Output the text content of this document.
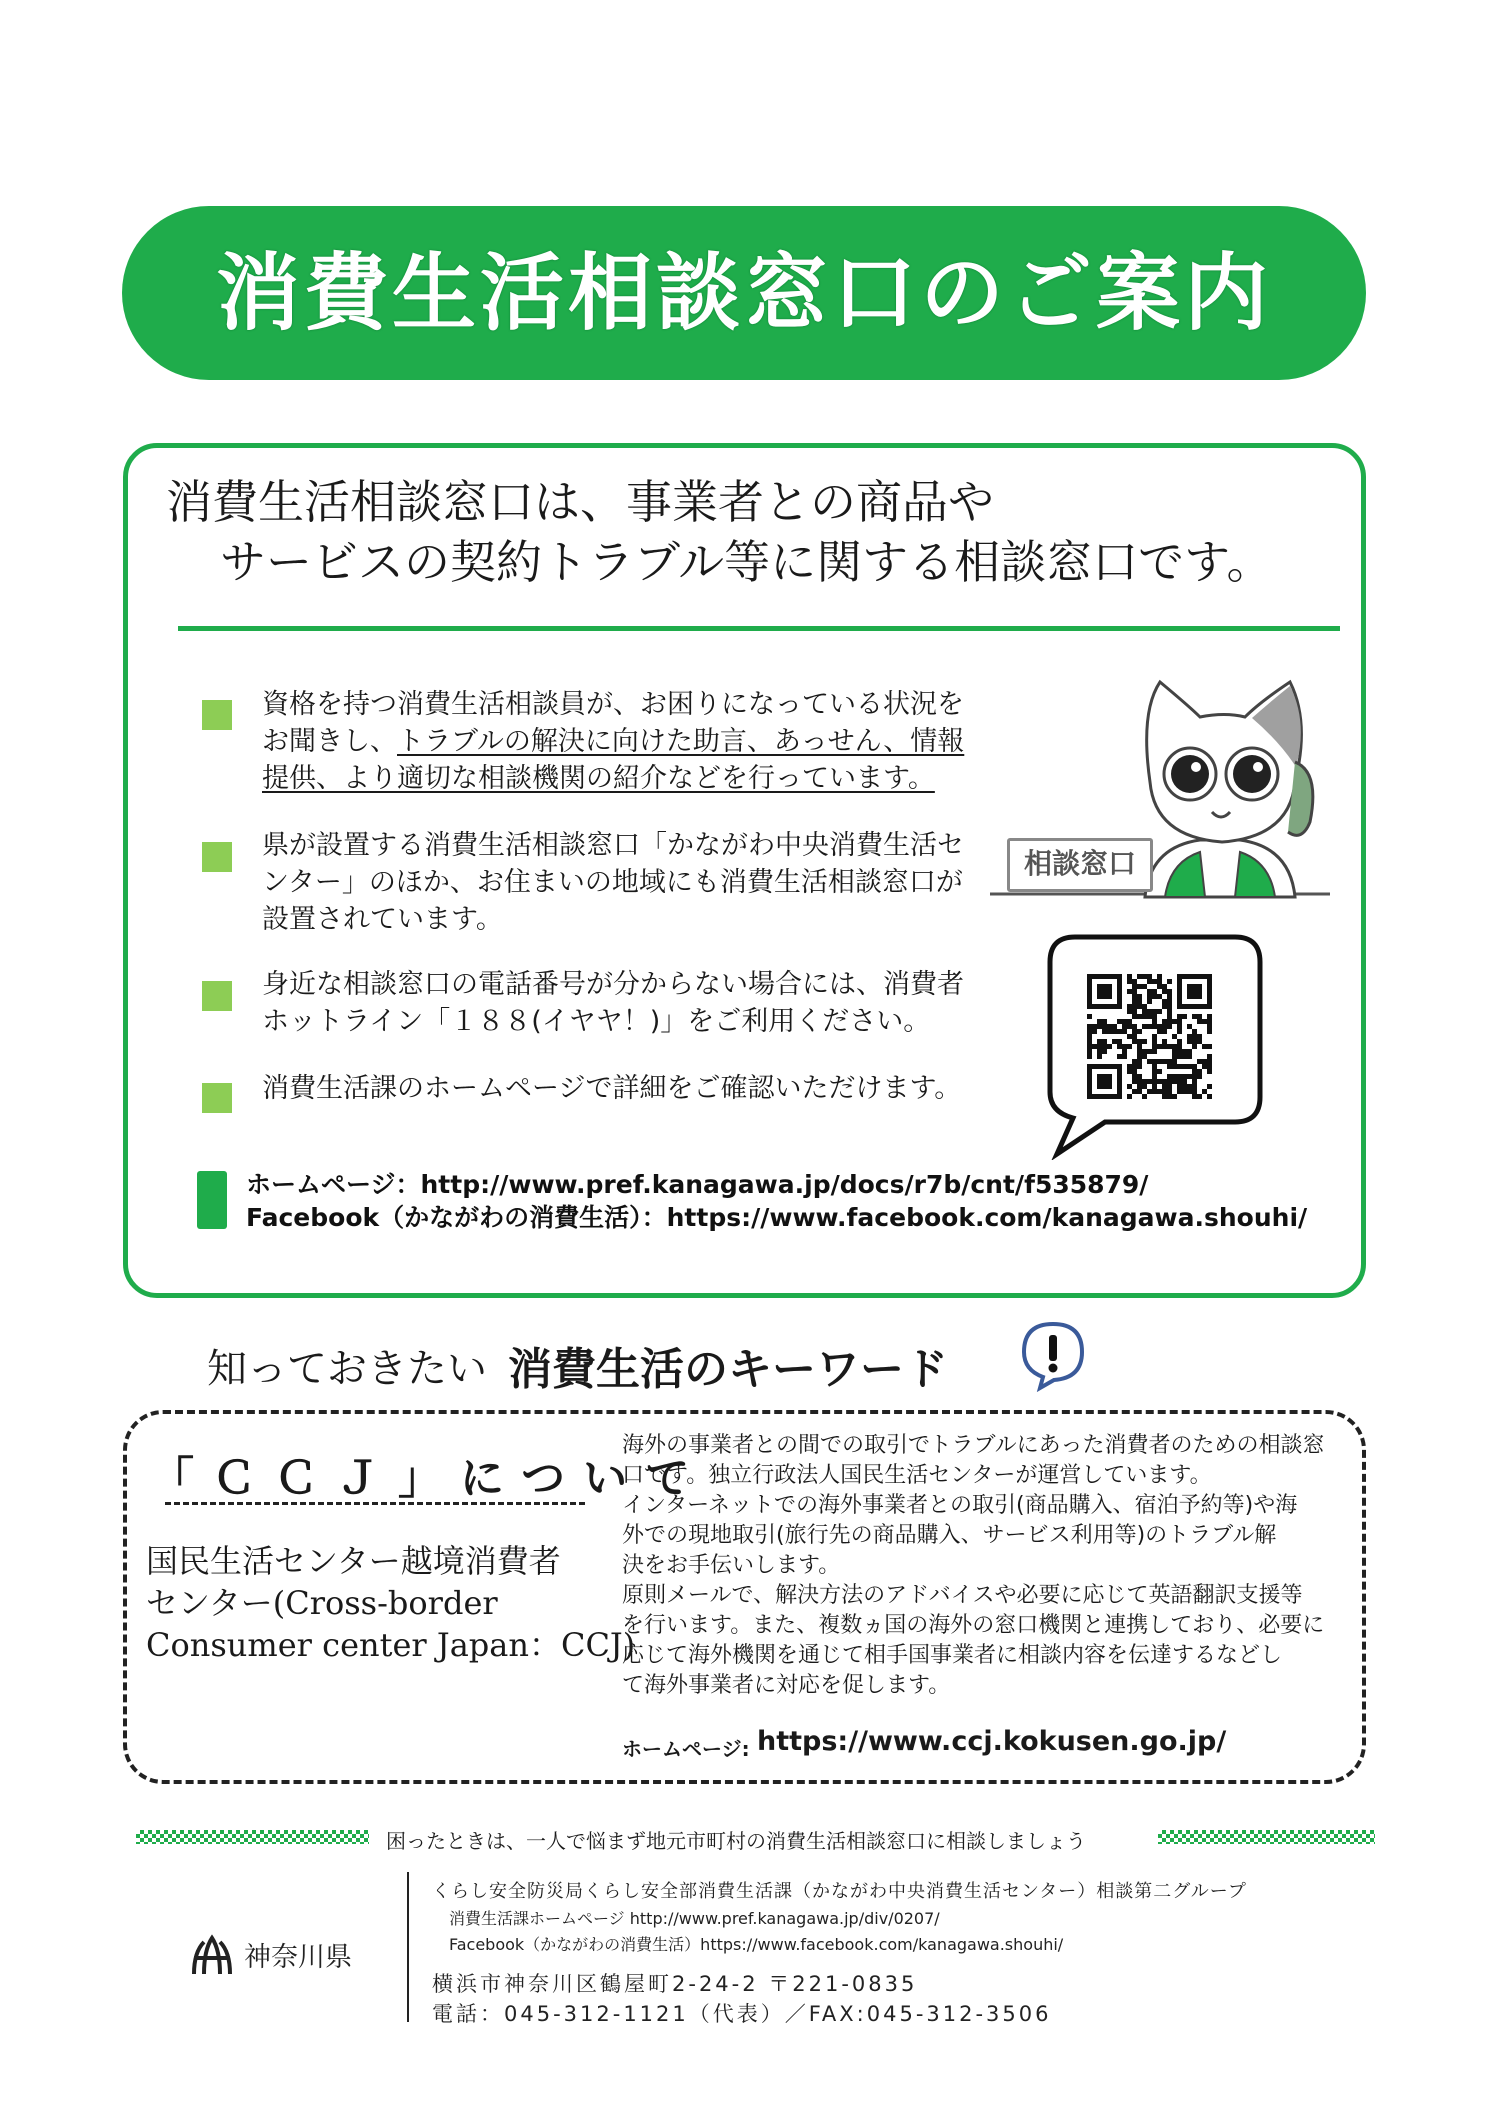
消費生活相談窓口のご案内
消費生活相談窓口は、事業者との商品や
サービスの契約トラブル等に関する相談窓口です。
資格を持つ消費生活相談員が、お困りになっている状況を
お聞きし、トラブルの解決に向けた助言、あっせん、情報
提供、より適切な相談機関の紹介などを行っています。
県が設置する消費生活相談窓口「かながわ中央消費生活セ
ンター」のほか、お住まいの地域にも消費生活相談窓口が
設置されています。
身近な相談窓口の電話番号が分からない場合には、消費者
ホットライン「１８８(イヤヤ！)」をご利用ください。
消費生活課のホームページで詳細をご確認いただけます。
ホームページ：http://www.pref.kanagawa.jp/docs/r7b/cnt/f535879/
Facebook（かながわの消費生活）：https://www.facebook.com/kanagawa.shouhi/
相談窓口
知っておきたい 消費生活のキーワード
「ＣＣＪ」について
国民生活センター越境消費者
センター(Cross-border
Consumer center Japan：CCJ)
海外の事業者との間での取引でトラブルにあった消費者のための相談窓
口です。独立行政法人国民生活センターが運営しています。
インターネットでの海外事業者との取引(商品購入、宿泊予約等)や海
外での現地取引(旅行先の商品購入、サービス利用等)のトラブル解
決をお手伝いします。
原則メールで、解決方法のアドバイスや必要に応じて英語翻訳支援等
を行います。また、複数ヵ国の海外の窓口機関と連携しており、必要に
応じて海外機関を通じて相手国事業者に相談内容を伝達するなどし
て海外事業者に対応を促します。
ホームページ: https://www.ccj.kokusen.go.jp/
困ったときは、一人で悩まず地元市町村の消費生活相談窓口に相談しましょう
神奈川県
くらし安全防災局くらし安全部消費生活課（かながわ中央消費生活センター）相談第二グループ
消費生活課ホームページ http://www.pref.kanagawa.jp/div/0207/
Facebook（かながわの消費生活）https://www.facebook.com/kanagawa.shouhi/
横浜市神奈川区鶴屋町2-24-2 〒221-0835
電話：045-312-1121（代表）／FAX:045-312-3506
